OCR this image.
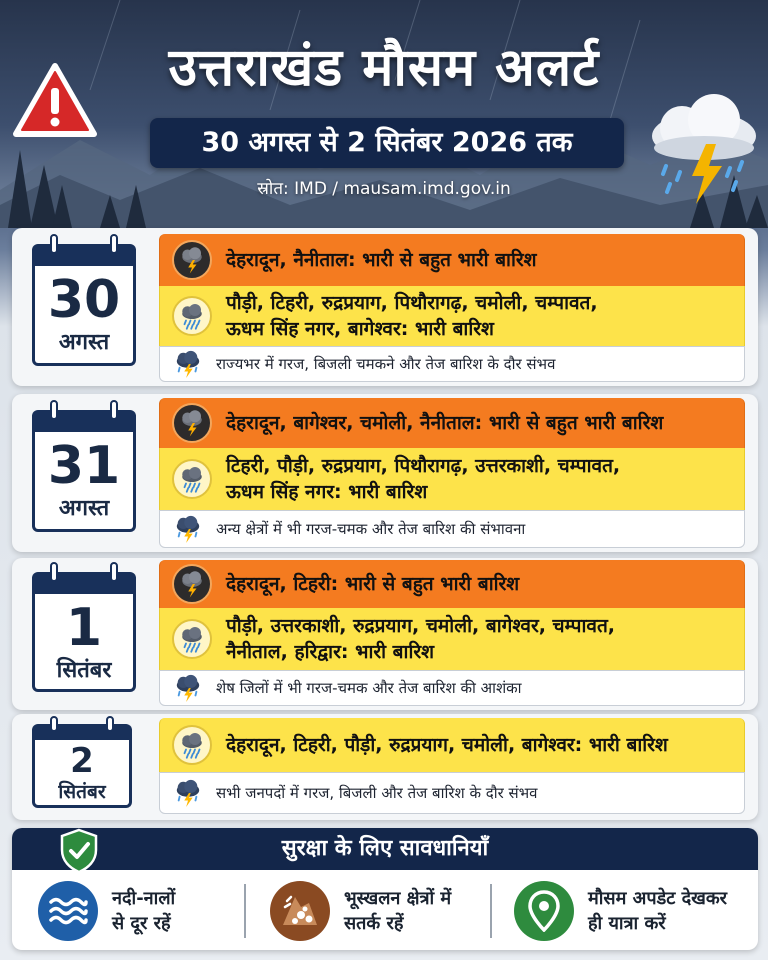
उत्तराखंड मौसम अलर्ट
30 अगस्त से 2 सितंबर 2026 तक
स्रोत: IMD / mausam.imd.gov.in
30
अगस्त
देहरादून, नैनीताल: भारी से बहुत भारी बारिश
पौड़ी, टिहरी, रुद्रप्रयाग, पिथौरागढ़, चमोली, चम्पावत,
ऊधम सिंह नगर, बागेश्वर: भारी बारिश
राज्यभर में गरज, बिजली चमकने और तेज बारिश के दौर संभव
31
अगस्त
देहरादून, बागेश्वर, चमोली, नैनीताल: भारी से बहुत भारी बारिश
टिहरी, पौड़ी, रुद्रप्रयाग, पिथौरागढ़, उत्तरकाशी, चम्पावत,
ऊधम सिंह नगर: भारी बारिश
अन्य क्षेत्रों में भी गरज-चमक और तेज बारिश की संभावना
1
सितंबर
देहरादून, टिहरी: भारी से बहुत भारी बारिश
पौड़ी, उत्तरकाशी, रुद्रप्रयाग, चमोली, बागेश्वर, चम्पावत,
नैनीताल, हरिद्वार: भारी बारिश
शेष जिलों में भी गरज-चमक और तेज बारिश की आशंका
2
सितंबर
देहरादून, टिहरी, पौड़ी, रुद्रप्रयाग, चमोली, बागेश्वर: भारी बारिश
सभी जनपदों में गरज, बिजली और तेज बारिश के दौर संभव
सुरक्षा के लिए सावधानियाँ
नदी-नालों
से दूर रहें
भूस्खलन क्षेत्रों में
सतर्क रहें
मौसम अपडेट देखकर
ही यात्रा करें
